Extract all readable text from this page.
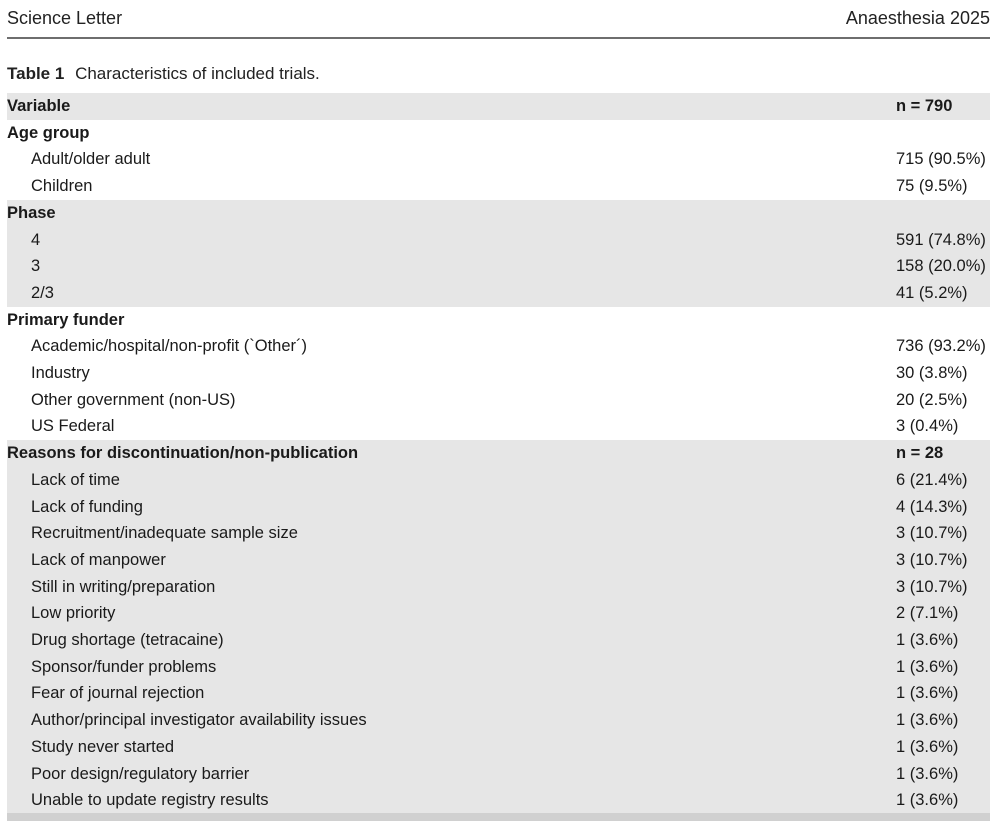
Science Letter	Anaesthesia 2025
Table 1 Characteristics of included trials.
Variable	n = 790
Age group	
Adult/older adult	715 (90.5%)
Children	75 (9.5%)
Phase	
4	591 (74.8%)
3	158 (20.0%)
2/3	41 (5.2%)
Primary funder	
Academic/hospital/non-profit (`Other´)	736 (93.2%)
Industry	30 (3.8%)
Other government (non-US)	20 (2.5%)
US Federal	3 (0.4%)
Reasons for discontinuation/non-publication	n = 28
Lack of time	6 (21.4%)
Lack of funding	4 (14.3%)
Recruitment/inadequate sample size	3 (10.7%)
Lack of manpower	3 (10.7%)
Still in writing/preparation	3 (10.7%)
Low priority	2 (7.1%)
Drug shortage (tetracaine)	1 (3.6%)
Sponsor/funder problems	1 (3.6%)
Fear of journal rejection	1 (3.6%)
Author/principal investigator availability issues	1 (3.6%)
Study never started	1 (3.6%)
Poor design/regulatory barrier	1 (3.6%)
Unable to update registry results	1 (3.6%)
